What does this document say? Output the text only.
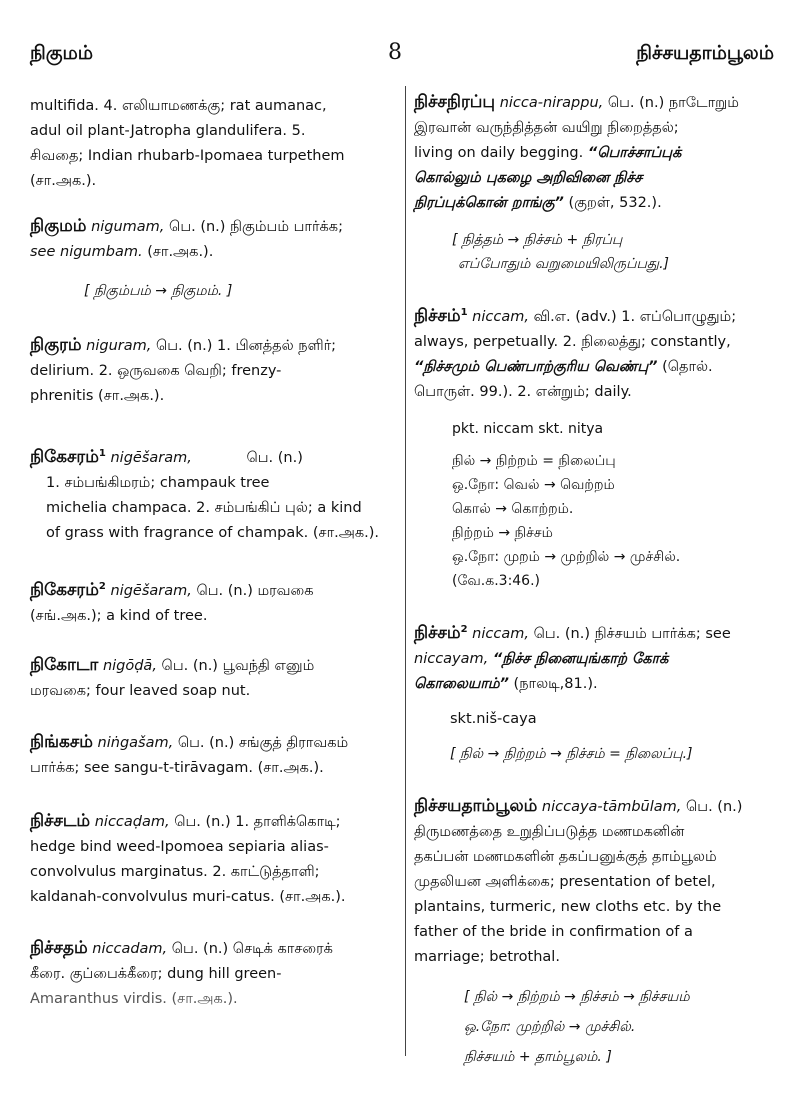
நிகுமம்	8	நிச்சயதாம்பூலம்
multifida. 4. எலியாமணக்கு; rat aumanac,
adul oil plant-Jatropha glandulifera. 5.
சிவதை; Indian rhubarb-Ipomaea turpethem
(சா.அக.).
நிகுமம் nigumam, பெ. (n.) நிகும்பம் பார்க்க;
see nigumbam. (சா.அக.).
[ நிகும்பம் → நிகுமம். ]
நிகுரம் niguram, பெ. (n.) 1. பினத்தல் நளிர்;
delirium. 2. ஒருவகை வெறி; frenzy-
phrenitis (சா.அக.).
நிகேசரம்$^1$ nigēšaram,	பெ. (n.)
1. சம்பங்கிமரம்; champauk tree
michelia champaca. 2. சம்பங்கிப் புல்; a kind
of grass with fragrance of champak. (சா.அக.).
நிகேசரம்$^2$ nigēšaram, பெ. (n.) மரவகை
(சங்.அக.); a kind of tree.
நிகோடா nigōḍā, பெ. (n.) பூவந்தி எனும்
மரவகை; four leaved soap nut.
நிங்கசம் niṅgašam, பெ. (n.) சங்குத் திராவகம்
பார்க்க; see sangu-t-tirāvagam. (சா.அக.).
நிச்சடம் niccaḍam, பெ. (n.) 1. தாளிக்கொடி;
hedge bind weed-Ipomoea sepiaria alias-
convolvulus marginatus. 2. காட்டுத்தாளி;
kaldanah-convolvulus muri-catus. (சா.அக.).
நிச்சதம் niccadam, பெ. (n.) செடிக் காசரைக்
கீரை. குப்பைக்கீரை; dung hill green-
Amaranthus virdis. (சா.அக.).
நிச்சநிரப்பு nicca-nirappu, பெ. (n.) நாடோறும்
இரவான் வருந்தித்தன் வயிறு நிறைத்தல்;
living on daily begging. “பொச்சாப்புக்
கொல்லும் புகழை அறிவினை நிச்ச
நிரப்புக்கொன் றாங்கு” (குறள், 532.).
[ நித்தம் → நிச்சம் + நிரப்பு
எப்போதும் வறுமையிலிருப்பது.]
நிச்சம்$^1$ niccam, வி.எ. (adv.) 1. எப்பொழுதும்;
always, perpetually. 2. நிலைத்து; constantly,
“நிச்சமும் பெண்பாற்குரிய வெண்பு” (தொல்.
பொருள். 99.). 2. என்றும்; daily.
pkt. niccam skt. nitya
நில் → நிற்றம் = நிலைப்பு
ஒ.நோ: வெல் → வெற்றம்
கொல் → கொற்றம்.
நிற்றம் → நிச்சம்
ஒ.நோ: முறம் → முற்றில் → முச்சில்.
(வே.க.3:46.)
நிச்சம்$^2$ niccam, பெ. (n.) நிச்சயம் பார்க்க; see
niccayam, “நிச்ச நினையுங்காற் கோக்
கொலையாம்” (நாலடி,81.).
skt.niš-caya
[ நில் → நிற்றம் → நிச்சம் = நிலைப்பு.]
நிச்சயதாம்பூலம் niccaya-tāmbūlam, பெ. (n.)
திருமணத்தை உறுதிப்படுத்த மணமகனின்
தகப்பன் மணமகளின் தகப்பனுக்குத் தாம்பூலம்
முதலியன அளிக்கை; presentation of betel,
plantains, turmeric, new cloths etc. by the
father of the bride in confirmation of a
marriage; betrothal.
[ நில் → நிற்றம் → நிச்சம் → நிச்சயம்
ஒ.நோ: முற்றில் → முச்சில்.
நிச்சயம் + தாம்பூலம். ]
